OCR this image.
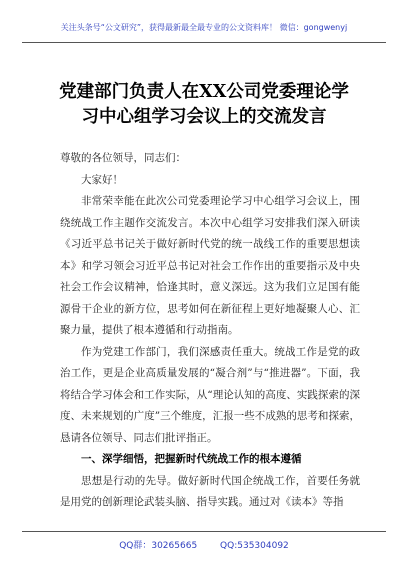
关注头条号“公文研究”，获得最新最全最专业的公文资料库！ 微信：gongwenyj
党建部门负责人在XX公司党委理论学
习中心组学习会议上的交流发言

尊敬的各位领导，同志们：

大家好！

非常荣幸能在此次公司党委理论学习中心组学习会议上，围绕统战工作主题作交流发言。本次中心组学习安排我们深入研读《习近平总书记关于做好新时代党的统一战线工作的重要思想读本》和学习领会习近平总书记对社会工作作出的重要指示及中央社会工作会议精神，恰逢其时，意义深远。这为我们立足国有能源骨干企业的新方位，思考如何在新征程上更好地凝聚人心、汇聚力量，提供了根本遵循和行动指南。

作为党建工作部门，我们深感责任重大。统战工作是党的政治工作，更是企业高质量发展的“凝合剂”与“推进器”。下面，我将结合学习体会和工作实际，从“理论认知的高度、实践探索的深度、未来规划的广度”三个维度，汇报一些不成熟的思考和探索，恳请各位领导、同志们批评指正。

一、深学细悟，把握新时代统战工作的根本遵循

思想是行动的先导。做好新时代国企统战工作，首要任务就是用党的创新理论武装头脑、指导实践。通过对《读本》等指

QQ群：30265665	QQ:535304092
